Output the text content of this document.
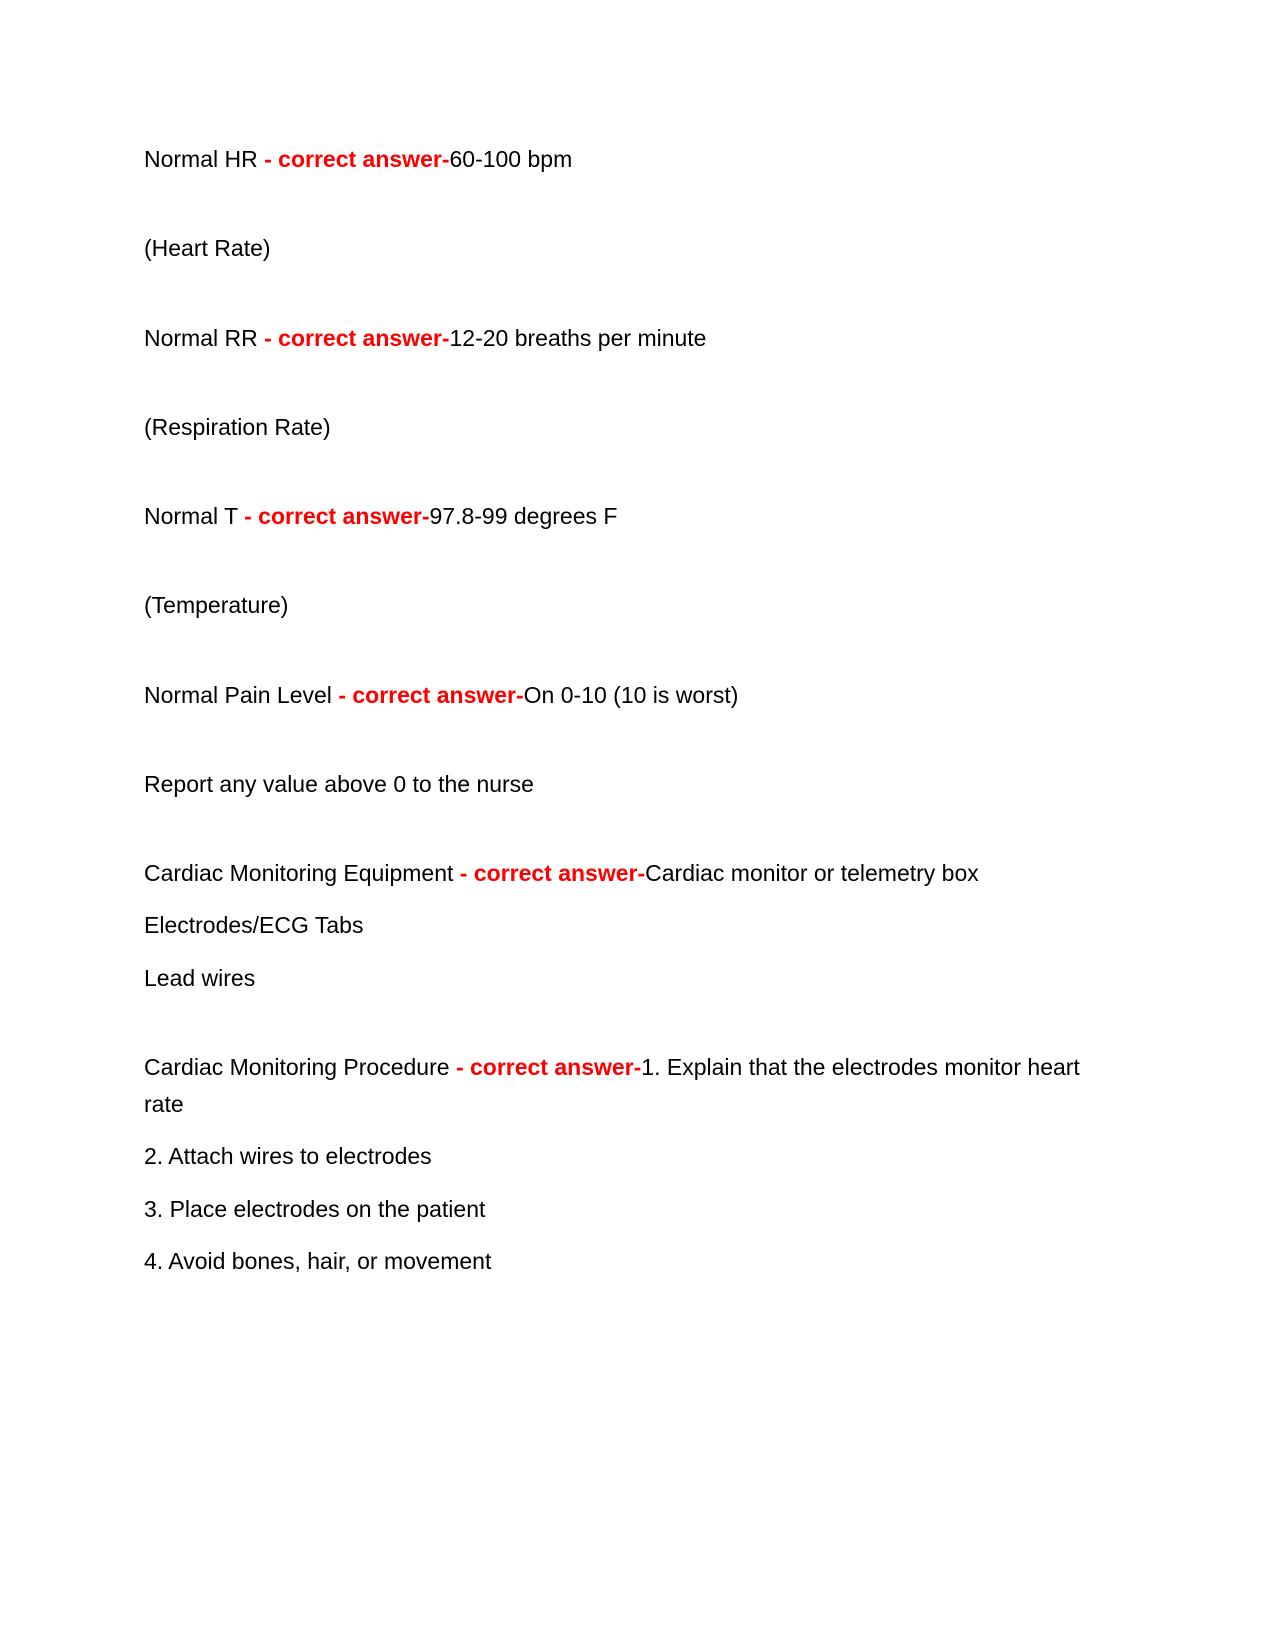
Normal HR - correct answer-60-100 bpm

(Heart Rate)

Normal RR - correct answer-12-20 breaths per minute

(Respiration Rate)

Normal T - correct answer-97.8-99 degrees F

(Temperature)

Normal Pain Level - correct answer-On 0-10 (10 is worst)

Report any value above 0 to the nurse

Cardiac Monitoring Equipment - correct answer-Cardiac monitor or telemetry box

Electrodes/ECG Tabs

Lead wires

Cardiac Monitoring Procedure - correct answer-1. Explain that the electrodes monitor heart rate

2. Attach wires to electrodes

3. Place electrodes on the patient

4. Avoid bones, hair, or movement
